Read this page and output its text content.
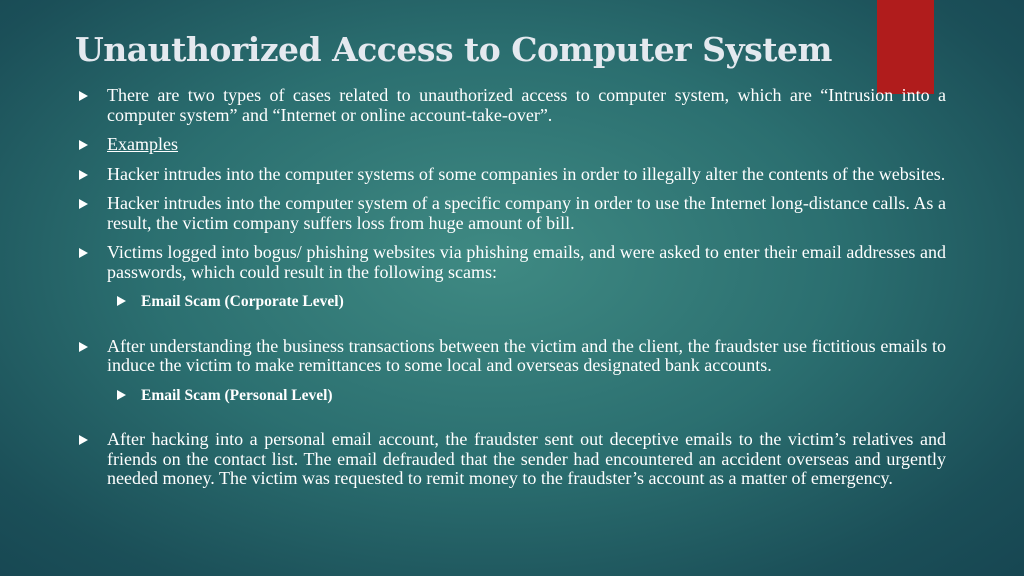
Unauthorized Access to Computer System
There are two types of cases related to unauthorized access to computer system, which are “Intrusion into a computer system” and “Internet or online account-take-over”.
Examples
Hacker intrudes into the computer systems of some companies in order to illegally alter the contents of the websites.
Hacker intrudes into the computer system of a specific company in order to use the Internet long-distance calls. As a result, the victim company suffers loss from huge amount of bill.
Victims logged into bogus/ phishing websites via phishing emails, and were asked to enter their email addresses and passwords, which could result in the following scams:
Email Scam (Corporate Level)
After understanding the business transactions between the victim and the client, the fraudster use fictitious emails to induce the victim to make remittances to some local and overseas designated bank accounts.
Email Scam (Personal Level)
After hacking into a personal email account, the fraudster sent out deceptive emails to the victim’s relatives and friends on the contact list. The email defrauded that the sender had encountered an accident overseas and urgently needed money. The victim was requested to remit money to the fraudster’s account as a matter of emergency.
